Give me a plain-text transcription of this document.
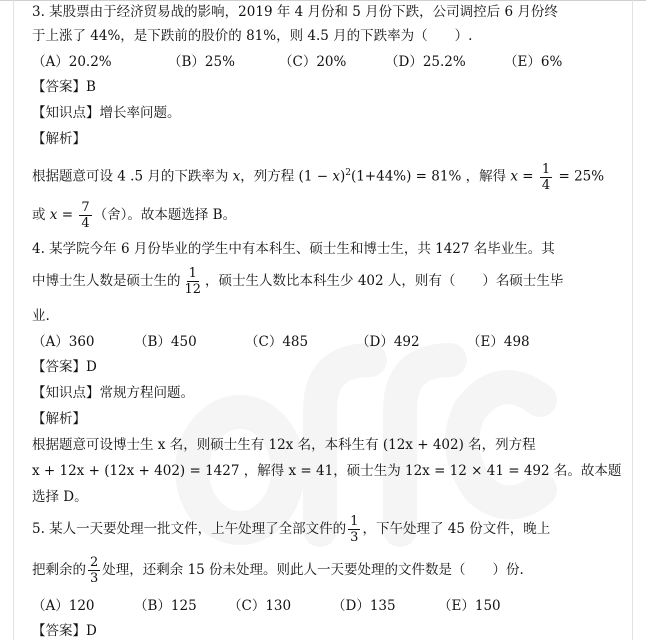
3. 某股票由于经济贸易战的影响，2019 年 4 月份和 5 月份下跌，公司调控后 6 月份终
于上涨了 44%，是下跌前的股价的 81%，则 4.5 月的下跌率为（　　）.
（A）20.2%	（B）25%	（C）20%	（D）25.2%	（E）6%
【答案】B
【知识点】增长率问题。
【解析】
根据题意可设 4 .5 月的下跌率为 x，列方程 $(1 - x)^2(1+44\%) = 81\%$ ，解得 $x = \frac{1}{4} = 25\%$
或 $x = \frac{7}{4}$ （舍）。故本题选择 B。
4. 某学院今年 6 月份毕业的学生中有本科生、硕士生和博士生，共 1427 名毕业生。其
中博士生人数是硕士生的 $\frac{1}{12}$ ，硕士生人数比本科生少 402 人，则有（　　）名硕士生毕
业.
（A）360	（B）450	（C）485	（D）492	（E）498
【答案】D
【知识点】常规方程问题。
【解析】
根据题意可设博士生 x 名，则硕士生有 12x 名，本科生有 (12x + 402) 名，列方程
x + 12x + (12x + 402) = 1427 ，解得 x = 41，硕士生为 12x = 12 × 41 = 492 名。故本题
选择 D。
5. 某人一天要处理一批文件，上午处理了全部文件的 $\frac{1}{3}$ ，下午处理了 45 份文件，晚上
把剩余的 $\frac{2}{3}$ 处理，还剩余 15 份未处理。则此人一天要处理的文件数是（　　）份.
（A）120	（B）125 （C）130	（D）135	（E）150
【答案】D
